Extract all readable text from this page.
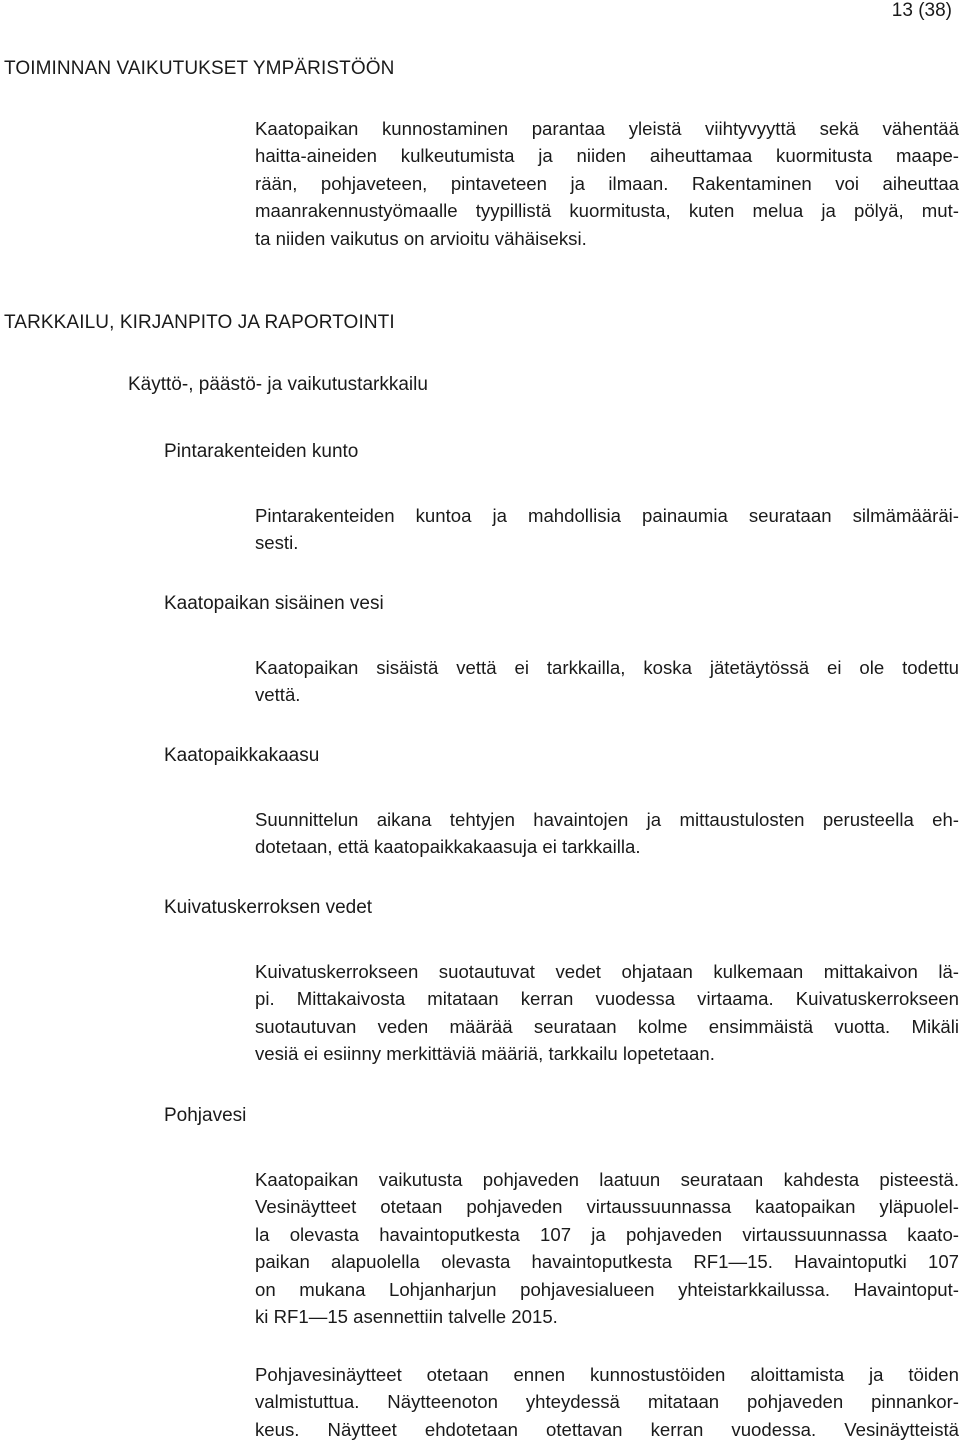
13 (38)
TOIMINNAN VAIKUTUKSET YMPÄRISTÖÖN
Kaatopaikan kunnostaminen parantaa yleistä viihtyvyyttä sekä vähentää
haitta-aineiden kulkeutumista ja niiden aiheuttamaa kuormitusta maape-
rään, pohjaveteen, pintaveteen ja ilmaan. Rakentaminen voi aiheuttaa
maanrakennustyömaalle tyypillistä kuormitusta, kuten melua ja pölyä, mut-
ta niiden vaikutus on arvioitu vähäiseksi.
TARKKAILU, KIRJANPITO JA RAPORTOINTI
Käyttö-, päästö- ja vaikutustarkkailu
Pintarakenteiden kunto
Pintarakenteiden kuntoa ja mahdollisia painaumia seurataan silmämääräi-
sesti.
Kaatopaikan sisäinen vesi
Kaatopaikan sisäistä vettä ei tarkkailla, koska jätetäytössä ei ole todettu
vettä.
Kaatopaikkakaasu
Suunnittelun aikana tehtyjen havaintojen ja mittaustulosten perusteella eh-
dotetaan, että kaatopaikkakaasuja ei tarkkailla.
Kuivatuskerroksen vedet
Kuivatuskerrokseen suotautuvat vedet ohjataan kulkemaan mittakaivon lä-
pi. Mittakaivosta mitataan kerran vuodessa virtaama. Kuivatuskerrokseen
suotautuvan veden määrää seurataan kolme ensimmäistä vuotta. Mikäli
vesiä ei esiinny merkittäviä määriä, tarkkailu lopetetaan.
Pohjavesi
Kaatopaikan vaikutusta pohjaveden laatuun seurataan kahdesta pisteestä.
Vesinäytteet otetaan pohjaveden virtaussuunnassa kaatopaikan yläpuolel-
la olevasta havaintoputkesta 107 ja pohjaveden virtaussuunnassa kaato-
paikan alapuolella olevasta havaintoputkesta RF1—15. Havaintoputki 107
on mukana Lohjanharjun pohjavesialueen yhteistarkkailussa. Havaintoput-
ki RF1—15 asennettiin talvelle 2015.
Pohjavesinäytteet otetaan ennen kunnostustöiden aloittamista ja töiden
valmistuttua. Näytteenoton yhteydessä mitataan pohjaveden pinnankor-
keus. Näytteet ehdotetaan otettavan kerran vuodessa. Vesinäytteistä
